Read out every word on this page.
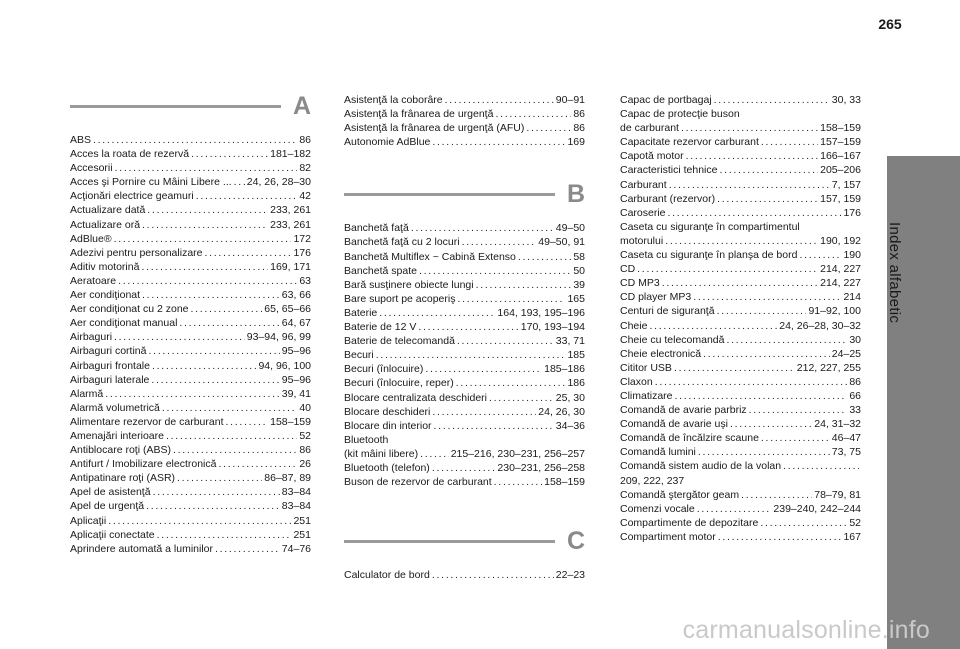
265
Index alfabetic
A
ABS . . .	86
Acces la roata de rezervă . . .	181–182
Accesorii . . .	82
Acces şi Pornire cu Mâini Libere ... . . . 24, 26, 28–30
Acţionări electrice geamuri . . .	42
Actualizare dată . . .	233, 261
Actualizare oră . . .	233, 261
AdBlue® . . .	172
Adezivi pentru personalizare . . .	176
Aditiv motorină . . .	169, 171
Aeratoare . . .	63
Aer condiţionat . . .	63, 66
Aer condiţionat cu 2 zone . . .	65, 65–66
Aer condiţionat manual . . .	64, 67
Airbaguri . . .	93–94, 96, 99
Airbaguri cortină . . .	95–96
Airbaguri frontale . . .	94, 96, 100
Airbaguri laterale . . .	95–96
Alarmă . . .	39, 41
Alarmă volumetrică . . .	40
Alimentare rezervor de carburant . . .	158–159
Amenajări interioare . . .	52
Antiblocare roţi (ABS) . . .	86
Antifurt / Imobilizare electronică . . .	26
Antipatinare roţi (ASR) . . .	86–87, 89
Apel de asistenţă . . .	83–84
Apel de urgenţă . . .	83–84
Aplicaţii . . .	251
Aplicaţii conectate . . .	251
Aprindere automată a luminilor . . .	74–76
Asistenţă la coborâre . . .	90–91
Asistenţă la frânarea de urgenţă . . .	86
Asistenţă la frânarea de urgenţă (AFU) . . .	86
Autonomie AdBlue . . .	169
B
Banchetă faţă . . .	49–50
Banchetă faţă cu 2 locuri . . .	49–50, 91
Banchetă Multiflex ~ Cabină Extenso . . .	58
Banchetă spate . . .	50
Bară susţinere obiecte lungi . . .	39
Bare suport pe acoperiş . . .	165
Baterie . . .	164, 193, 195–196
Baterie de 12 V . . .	170, 193–194
Baterie de telecomandă . . .	33, 71
Becuri . . .	185
Becuri (înlocuire) . . .	185–186
Becuri (înlocuire, reper) . . .	186
Blocare centralizata deschideri . . .	25, 30
Blocare deschideri . . .	24, 26, 30
Blocare din interior . . .	34–36
Bluetooth
(kit mâini libere) . . .	215–216, 230–231, 256–257
Bluetooth (telefon) . . .	230–231, 256–258
Buson de rezervor de carburant . . .	158–159
C
Calculator de bord . . .	22–23
Capac de portbagaj . . .	30, 33
Capac de protecţie buson
de carburant . . .	158–159
Capacitate rezervor carburant . . .	157–159
Capotă motor . . .	166–167
Caracteristici tehnice . . .	205–206
Carburant . . .	7, 157
Carburant (rezervor) . . .	157, 159
Caroserie . . .	176
Caseta cu siguranţe în compartimentul
motorului . . .	190, 192
Caseta cu siguranţe în planşa de bord . . .	190
CD . . .	214, 227
CD MP3 . . .	214, 227
CD player MP3 . . .	214
Centuri de siguranţă . . .	91–92, 100
Cheie . . .	24, 26–28, 30–32
Cheie cu telecomandă . . .	30
Cheie electronică . . .	24–25
Cititor USB . . .	212, 227, 255
Claxon . . .	86
Climatizare . . .	66
Comandă de avarie parbriz . . .	33
Comandă de avarie uşi . . .	24, 31–32
Comandă de încălzire scaune . . .	46–47
Comandă lumini . . .	73, 75
Comandă sistem audio de la volan
. . .
209, 222, 237
Comandă ştergător geam . . .	78–79, 81
Comenzi vocale . . .	239–240, 242–244
Compartimente de depozitare . . .	52
Compartiment motor . . .	167
carmanualsonline.info
